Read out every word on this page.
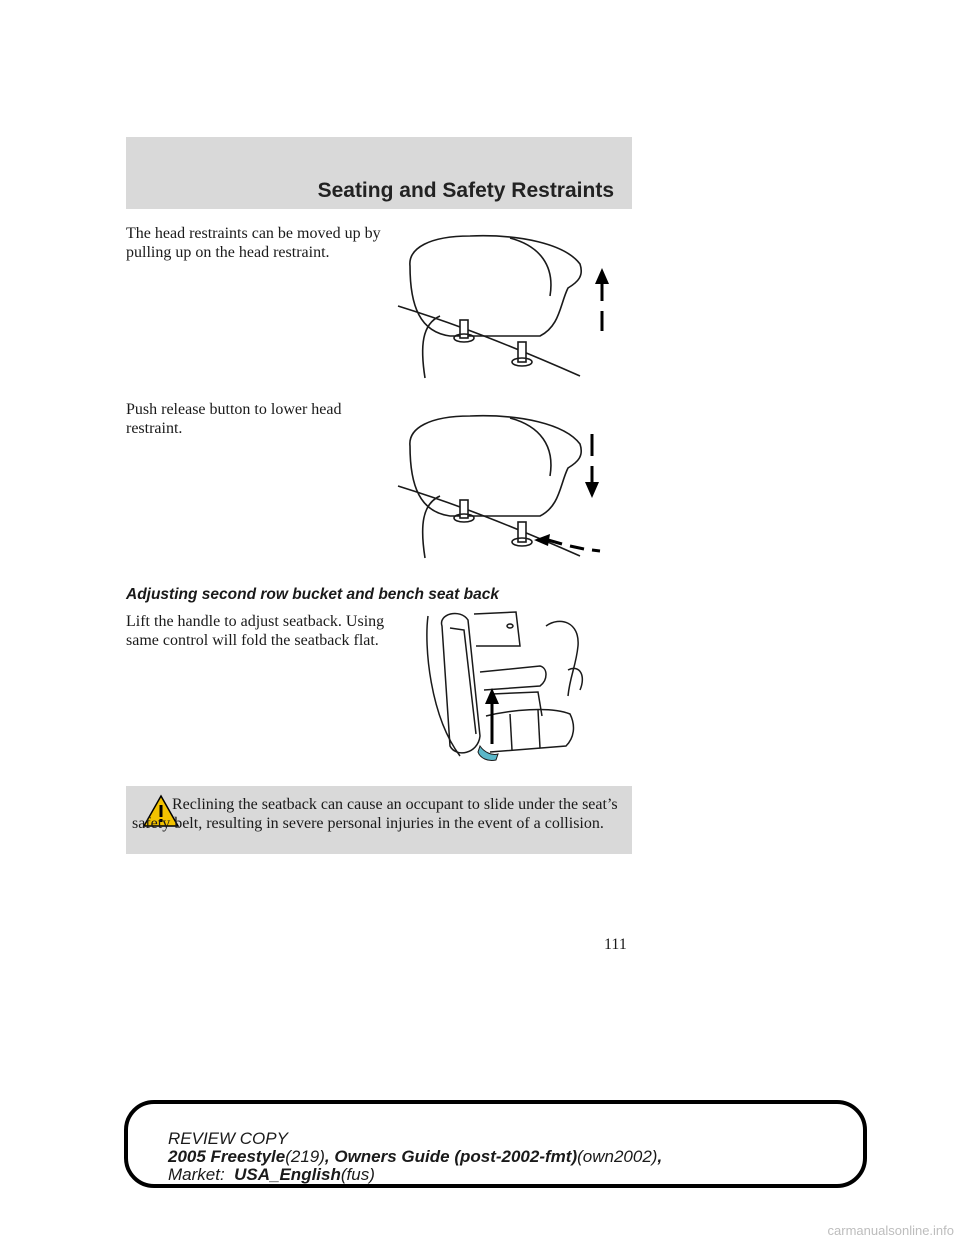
Seating and Safety Restraints

The head restraints can be moved up by pulling up on the head restraint.

Push release button to lower head restraint.

Adjusting second row bucket and bench seat back

Lift the handle to adjust seatback. Using same control will fold the seatback flat.

Reclining the seatback can cause an occupant to slide under the seat’s safety belt, resulting in severe personal injuries in the event of a collision.

111
REVIEW COPY
2005 Freestyle(219), Owners Guide (post-2002-fmt)(own2002),
Market:  USA_English(fus)
carmanualsonline.info
